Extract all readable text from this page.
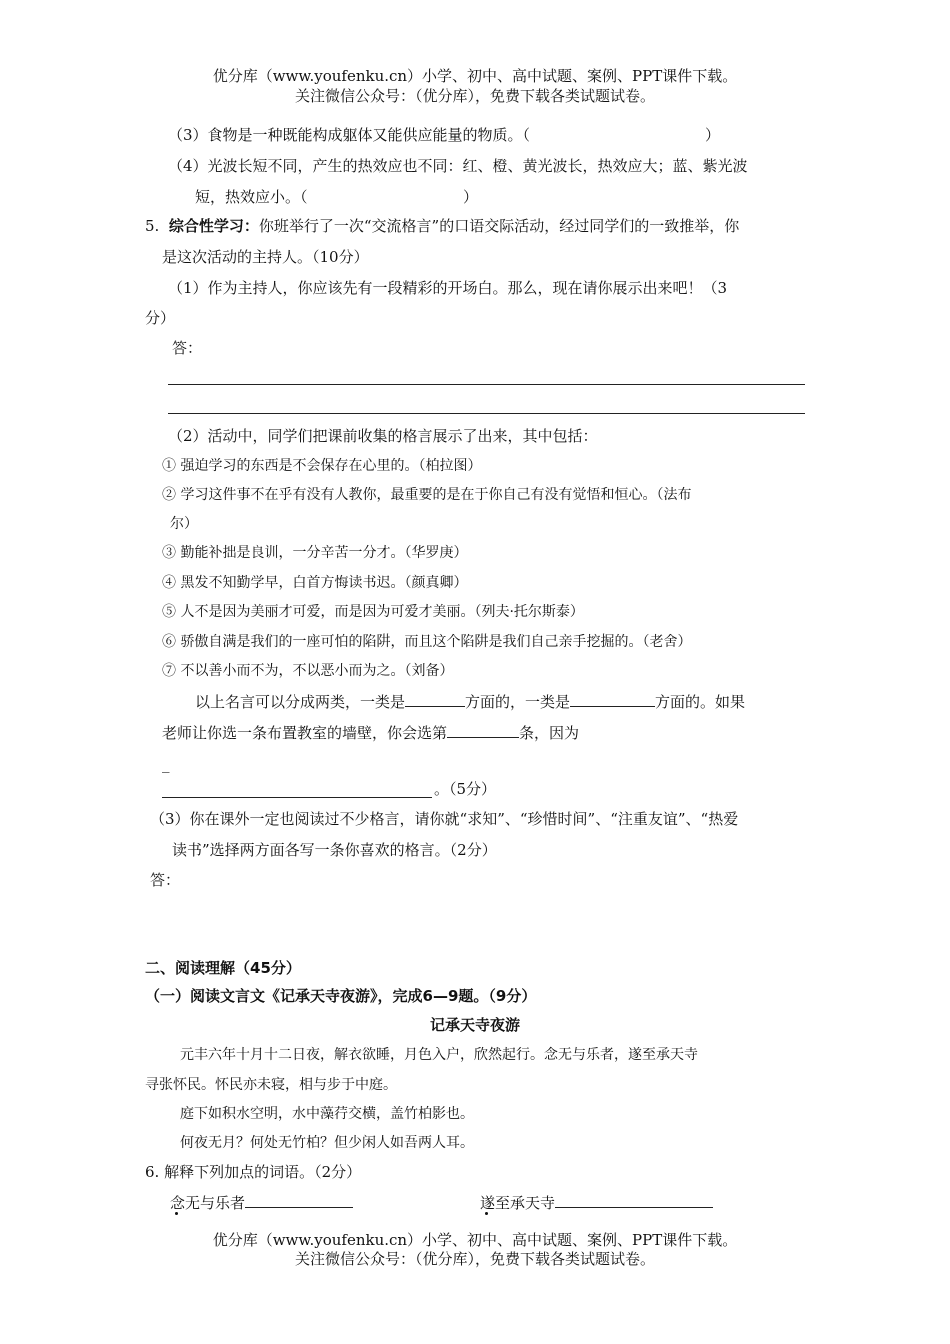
优分库（www.youfenku.cn）小学、初中、高中试题、案例、PPT课件下载。
关注微信公众号：（优分库），免费下载各类试题试卷。
（3）食物是一种既能构成躯体又能供应能量的物质。（	）
（4）光波长短不同，产生的热效应也不同：红、橙、黄光波长，热效应大；蓝、紫光波
短，热效应小。（	）
5. 综合性学习：你班举行了一次“交流格言”的口语交际活动，经过同学们的一致推举，你
是这次活动的主持人。（10分）
（1）作为主持人，你应该先有一段精彩的开场白。那么，现在请你展示出来吧！（3
分）
答：
（2）活动中，同学们把课前收集的格言展示了出来，其中包括：
① 强迫学习的东西是不会保存在心里的。（柏拉图）
② 学习这件事不在乎有没有人教你，最重要的是在于你自己有没有觉悟和恒心。（法布
尔）
③ 勤能补拙是良训，一分辛苦一分才。（华罗庚）
④ 黑发不知勤学早，白首方悔读书迟。（颜真卿）
⑤ 人不是因为美丽才可爱，而是因为可爱才美丽。（列夫·托尔斯泰）
⑥ 骄傲自满是我们的一座可怕的陷阱，而且这个陷阱是我们自己亲手挖掘的。（老舍）
⑦ 不以善小而不为，不以恶小而为之。（刘备）
以上名言可以分成两类，一类是	方面的，一类是	方面的。如果
老师让你选一条布置教室的墙壁，你会选第	条，因为
_
。（5分）
（3）你在课外一定也阅读过不少格言，请你就“求知”、“珍惜时间”、“注重友谊”、“热爱
读书”选择两方面各写一条你喜欢的格言。（2分）
答：
二、阅读理解（45分）
（一）阅读文言文《记承天寺夜游》，完成6—9题。（9分）
记承天寺夜游
元丰六年十月十二日夜，解衣欲睡，月色入户，欣然起行。念无与乐者，遂至承天寺
寻张怀民。怀民亦未寝，相与步于中庭。
庭下如积水空明，水中藻荇交横，盖竹柏影也。
何夜无月？何处无竹柏？但少闲人如吾两人耳。
6. 解释下列加点的词语。（2分）
念无与乐者	遂至承天寺
优分库（www.youfenku.cn）小学、初中、高中试题、案例、PPT课件下载。
关注微信公众号：（优分库），免费下载各类试题试卷。
